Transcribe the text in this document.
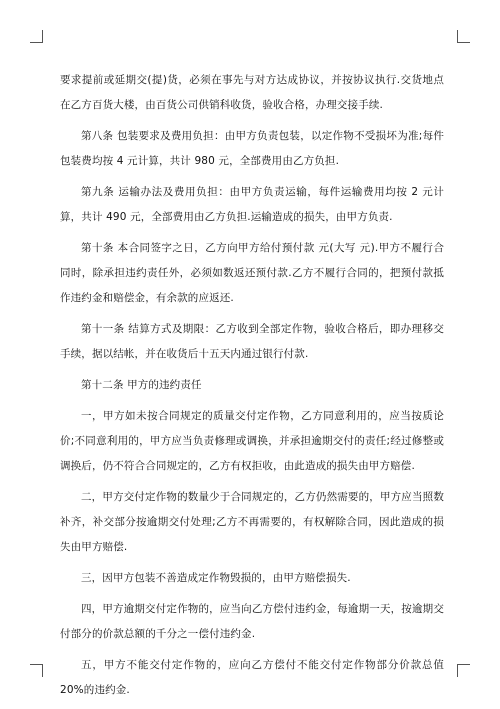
要求提前或延期交(提)货，必须在事先与对方达成协议，并按协议执行.交货地点在乙方百货大楼，由百货公司供销科收货，验收合格，办理交接手续.

第八条 包装要求及费用负担：由甲方负责包装，以定作物不受损坏为准;每件包装费均按 4 元计算，共计 980 元，全部费用由乙方负担.

第九条 运输办法及费用负担：由甲方负责运输，每件运输费用均按 2 元计算，共计 490 元，全部费用由乙方负担.运输造成的损失，由甲方负责.

第十条 本合同签字之日，乙方向甲方给付预付款 元(大写 元).甲方不履行合同时，除承担违约责任外，必须如数返还预付款.乙方不履行合同的，把预付款抵作违约金和赔偿金，有余款的应返还.

第十一条 结算方式及期限：乙方收到全部定作物，验收合格后，即办理移交手续，据以结帐，并在收货后十五天内通过银行付款.

第十二条 甲方的违约责任

一，甲方如未按合同规定的质量交付定作物，乙方同意利用的，应当按质论价;不同意利用的，甲方应当负责修理或调换，并承担逾期交付的责任;经过修整或调换后，仍不符合合同规定的，乙方有权拒收，由此造成的损失由甲方赔偿.

二，甲方交付定作物的数量少于合同规定的，乙方仍然需要的，甲方应当照数补齐，补交部分按逾期交付处理;乙方不再需要的，有权解除合同，因此造成的损失由甲方赔偿.

三，因甲方包装不善造成定作物毁损的，由甲方赔偿损失.

四，甲方逾期交付定作物的，应当向乙方偿付违约金，每逾期一天，按逾期交付部分的价款总额的千分之一偿付违约金.

五，甲方不能交付定作物的，应向乙方偿付不能交付定作物部分价款总值 20%的违约金.
